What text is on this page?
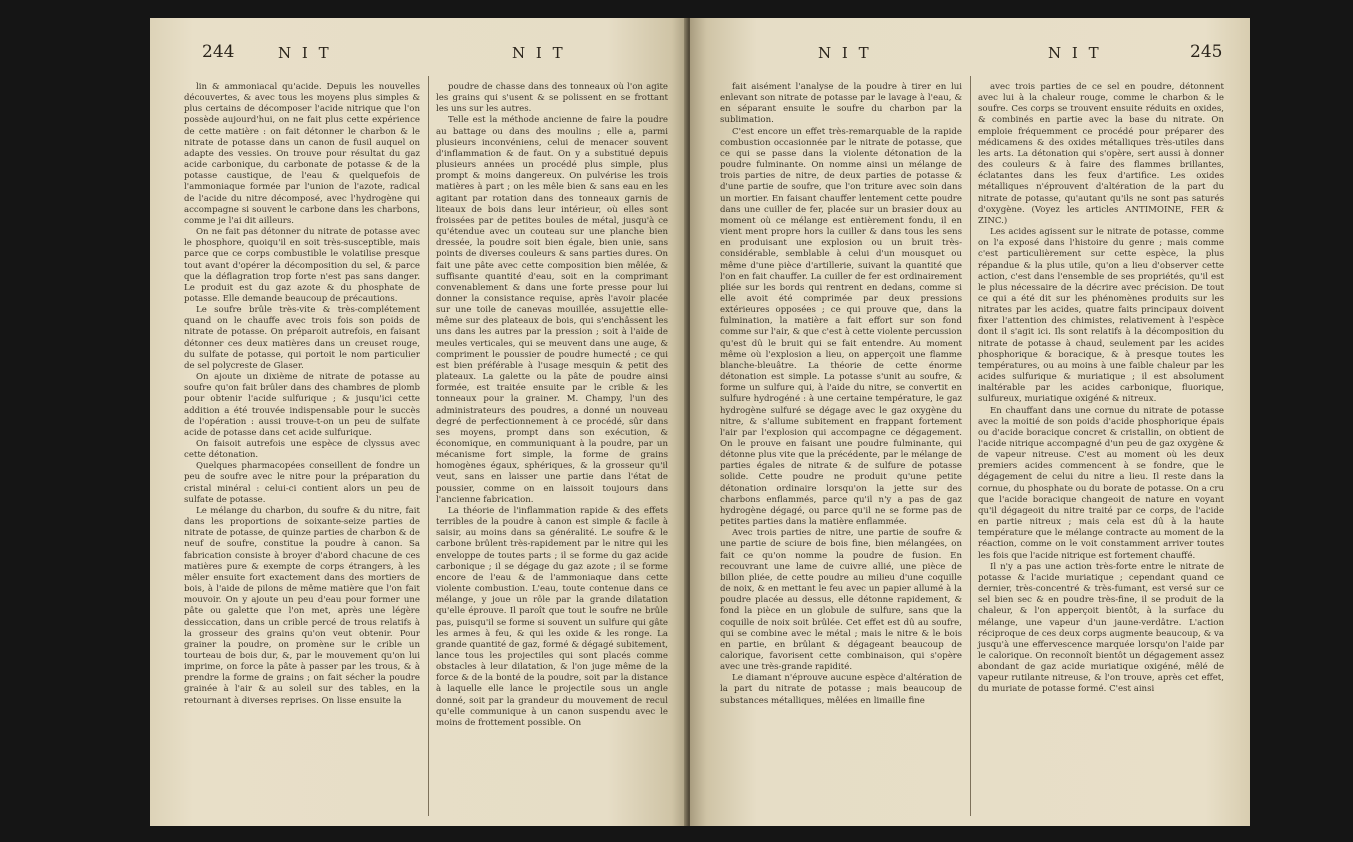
244	N I T	N I T

lin & ammoniacal qu'acide. Depuis les nouvelles découvertes, & avec tous les moyens plus simples & plus certains de décomposer l'acide nitrique que l'on possède aujourd'hui, on ne fait plus cette expérience de cette matière : on fait détonner le charbon & le nitrate de potasse dans un canon de fusil auquel on adapte des vessies. On trouve pour résultat du gaz acide carbonique, du carbonate de potasse & de la potasse caustique, de l'eau & quelquefois de l'ammoniaque formée par l'union de l'azote, radical de l'acide du nitre décomposé, avec l'hydrogène qui accompagne si souvent le carbone dans les charbons, comme je l'ai dit ailleurs.

On ne fait pas détonner du nitrate de potasse avec le phosphore, quoiqu'il en soit très-susceptible, mais parce que ce corps combustible le volatilise presque tout avant d'opérer la décomposition du sel, & parce que la déflagration trop forte n'est pas sans danger. Le produit est du gaz azote & du phosphate de potasse. Elle demande beaucoup de précautions.

Le soufre brûle très-vite & très-complétement quand on le chauffe avec trois fois son poids de nitrate de potasse. On préparoit autrefois, en faisant détonner ces deux matières dans un creuset rouge, du sulfate de potasse, qui portoit le nom particulier de sel polycreste de Glaser.

On ajoute un dixième de nitrate de potasse au soufre qu'on fait brûler dans des chambres de plomb pour obtenir l'acide sulfurique ; & jusqu'ici cette addition a été trouvée indispensable pour le succès de l'opération : aussi trouve-t-on un peu de sulfate acide de potasse dans cet acide sulfurique.

On faisoit autrefois une espèce de clyssus avec cette détonation.

Quelques pharmacopées conseillent de fondre un peu de soufre avec le nitre pour la préparation du cristal minéral : celui-ci contient alors un peu de sulfate de potasse.

Le mélange du charbon, du soufre & du nitre, fait dans les proportions de soixante-seize parties de nitrate de potasse, de quinze parties de charbon & de neuf de soufre, constitue la poudre à canon. Sa fabrication consiste à broyer d'abord chacune de ces matières pure & exempte de corps étrangers, à les mêler ensuite fort exactement dans des mortiers de bois, à l'aide de pilons de même matière que l'on fait mouvoir. On y ajoute un peu d'eau pour former une pâte ou galette que l'on met, après une légère dessiccation, dans un crible percé de trous relatifs à la grosseur des grains qu'on veut obtenir. Pour grainer la poudre, on promène sur le crible un tourteau de bois dur, &, par le mouvement qu'on lui imprime, on force la pâte à passer par les trous, & à prendre la forme de grains ; on fait sécher la poudre grainée à l'air & au soleil sur des tables, en la retournant à diverses reprises. On lisse ensuite la

poudre de chasse dans des tonneaux où l'on agite les grains qui s'usent & se polissent en se frottant les uns sur les autres.

Telle est la méthode ancienne de faire la poudre au battage ou dans des moulins ; elle a, parmi plusieurs inconvéniens, celui de menacer souvent d'inflammation & de faut. On y a substitué depuis plusieurs années un procédé plus simple, plus prompt & moins dangereux. On pulvérise les trois matières à part ; on les mêle bien & sans eau en les agitant par rotation dans des tonneaux garnis de liteaux de bois dans leur intérieur, où elles sont froissées par de petites boules de métal, jusqu'à ce qu'étendue avec un couteau sur une planche bien dressée, la poudre soit bien égale, bien unie, sans points de diverses couleurs & sans parties dures. On fait une pâte avec cette composition bien mêlée, & suffisante quantité d'eau, soit en la comprimant convenablement & dans une forte presse pour lui donner la consistance requise, après l'avoir placée sur une toile de canevas mouillée, assujettie elle-même sur des plateaux de bois, qui s'enchâssent les uns dans les autres par la pression ; soit à l'aide de meules verticales, qui se meuvent dans une auge, & compriment le poussier de poudre humecté ; ce qui est bien préférable à l'usage mesquin & petit des plateaux. La galette ou la pâte de poudre ainsi formée, est traitée ensuite par le crible & les tonneaux pour la grainer. M. Champy, l'un des administrateurs des poudres, a donné un nouveau degré de perfectionnement à ce procédé, sûr dans ses moyens, prompt dans son exécution, & économique, en communiquant à la poudre, par un mécanisme fort simple, la forme de grains homogènes égaux, sphériques, & la grosseur qu'il veut, sans en laisser une partie dans l'état de poussier, comme on en laissoit toujours dans l'ancienne fabrication.

La théorie de l'inflammation rapide & des effets terribles de la poudre à canon est simple & facile à saisir, au moins dans sa généralité. Le soufre & le carbone brûlent très-rapidement par le nitre qui les enveloppe de toutes parts ; il se forme du gaz acide carbonique ; il se dégage du gaz azote ; il se forme encore de l'eau & de l'ammoniaque dans cette violente combustion. L'eau, toute contenue dans ce mélange, y joue un rôle par la grande dilatation qu'elle éprouve. Il paroît que tout le soufre ne brûle pas, puisqu'il se forme si souvent un sulfure qui gâte les armes à feu, & qui les oxide & les ronge. La grande quantité de gaz, formé & dégagé subitement, lance tous les projectiles qui sont placés comme obstacles à leur dilatation, & l'on juge même de la force & de la bonté de la poudre, soit par la distance à laquelle elle lance le projectile sous un angle donné, soit par la grandeur du mouvement de recul qu'elle communique à un canon suspendu avec le moins de frottement possible. On

N I T	N I T	245

fait aisément l'analyse de la poudre à tirer en lui enlevant son nitrate de potasse par le lavage à l'eau, & en séparant ensuite le soufre du charbon par la sublimation.

C'est encore un effet très-remarquable de la rapide combustion occasionnée par le nitrate de potasse, que ce qui se passe dans la violente détonation de la poudre fulminante. On nomme ainsi un mélange de trois parties de nitre, de deux parties de potasse & d'une partie de soufre, que l'on triture avec soin dans un mortier. En faisant chauffer lentement cette poudre dans une cuiller de fer, placée sur un brasier doux au moment où ce mélange est entièrement fondu, il en vient ment propre hors la cuiller & dans tous les sens en produisant une explosion ou un bruit très-considérable, semblable à celui d'un mousquet ou même d'une pièce d'artillerie, suivant la quantité que l'on en fait chauffer. La cuiller de fer est ordinairement pliée sur les bords qui rentrent en dedans, comme si elle avoit été comprimée par deux pressions extérieures opposées ; ce qui prouve que, dans la fulmination, la matière a fait effort sur son fond comme sur l'air, & que c'est à cette violente percussion qu'est dû le bruit qui se fait entendre. Au moment même où l'explosion a lieu, on apperçoit une flamme blanche-bleuâtre. La théorie de cette énorme détonation est simple. La potasse s'unit au soufre, & forme un sulfure qui, à l'aide du nitre, se convertit en sulfure hydrogéné : à une certaine température, le gaz hydrogène sulfuré se dégage avec le gaz oxygène du nitre, & s'allume subitement en frappant fortement l'air par l'explosion qui accompagne ce dégagement. On le prouve en faisant une poudre fulminante, qui détonne plus vite que la précédente, par le mélange de parties égales de nitrate & de sulfure de potasse solide. Cette poudre ne produit qu'une petite détonation ordinaire lorsqu'on la jette sur des charbons enflammés, parce qu'il n'y a pas de gaz hydrogène dégagé, ou parce qu'il ne se forme pas de petites parties dans la matière enflammée.

Avec trois parties de nitre, une partie de soufre & une partie de sciure de bois fine, bien mélangées, on fait ce qu'on nomme la poudre de fusion. En recouvrant une lame de cuivre allié, une pièce de billon pliée, de cette poudre au milieu d'une coquille de noix, & en mettant le feu avec un papier allumé à la poudre placée au dessus, elle détonne rapidement, & fond la pièce en un globule de sulfure, sans que la coquille de noix soit brûlée. Cet effet est dû au soufre, qui se combine avec le métal ; mais le nitre & le bois en partie, en brûlant & dégageant beaucoup de calorique, favorisent cette combinaison, qui s'opère avec une très-grande rapidité.

Le diamant n'éprouve aucune espèce d'altération de la part du nitrate de potasse ; mais beaucoup de substances métalliques, mêlées en limaille fine

avec trois parties de ce sel en poudre, détonnent avec lui à la chaleur rouge, comme le charbon & le soufre. Ces corps se trouvent ensuite réduits en oxides, & combinés en partie avec la base du nitrate. On emploie fréquemment ce procédé pour préparer des médicamens & des oxides métalliques très-utiles dans les arts. La détonation qui s'opère, sert aussi à donner des couleurs & à faire des flammes brillantes, éclatantes dans les feux d'artifice. Les oxides métalliques n'éprouvent d'altération de la part du nitrate de potasse, qu'autant qu'ils ne sont pas saturés d'oxygène. (Voyez les articles ANTIMOINE, FER & ZINC.)

Les acides agissent sur le nitrate de potasse, comme on l'a exposé dans l'histoire du genre ; mais comme c'est particulièrement sur cette espèce, la plus répandue & la plus utile, qu'on a lieu d'observer cette action, c'est dans l'ensemble de ses propriétés, qu'il est le plus nécessaire de la décrire avec précision. De tout ce qui a été dit sur les phénomènes produits sur les nitrates par les acides, quatre faits principaux doivent fixer l'attention des chimistes, relativement à l'espèce dont il s'agit ici. Ils sont relatifs à la décomposition du nitrate de potasse à chaud, seulement par les acides phosphorique & boracique, & à presque toutes les températures, ou au moins à une faible chaleur par les acides sulfurique & muriatique ; il est absolument inaltérable par les acides carbonique, fluorique, sulfureux, muriatique oxigéné & nitreux.

En chauffant dans une cornue du nitrate de potasse avec la moitié de son poids d'acide phosphorique épais ou d'acide boracique concret & cristallin, on obtient de l'acide nitrique accompagné d'un peu de gaz oxygène & de vapeur nitreuse. C'est au moment où les deux premiers acides commencent à se fondre, que le dégagement de celui du nitre a lieu. Il reste dans la cornue, du phosphate ou du borate de potasse. On a cru que l'acide boracique changeoit de nature en voyant qu'il dégageoit du nitre traité par ce corps, de l'acide en partie nitreux ; mais cela est dû à la haute température que le mélange contracte au moment de la réaction, comme on le voit constamment arriver toutes les fois que l'acide nitrique est fortement chauffé.

Il n'y a pas une action très-forte entre le nitrate de potasse & l'acide muriatique ; cependant quand ce dernier, très-concentré & très-fumant, est versé sur ce sel bien sec & en poudre très-fine, il se produit de la chaleur, & l'on apperçoit bientôt, à la surface du mélange, une vapeur d'un jaune-verdâtre. L'action réciproque de ces deux corps augmente beaucoup, & va jusqu'à une effervescence marquée lorsqu'on l'aide par le calorique. On reconnoît bientôt un dégagement assez abondant de gaz acide muriatique oxigéné, mêlé de vapeur rutilante nitreuse, & l'on trouve, après cet effet, du muriate de potasse formé. C'est ainsi
